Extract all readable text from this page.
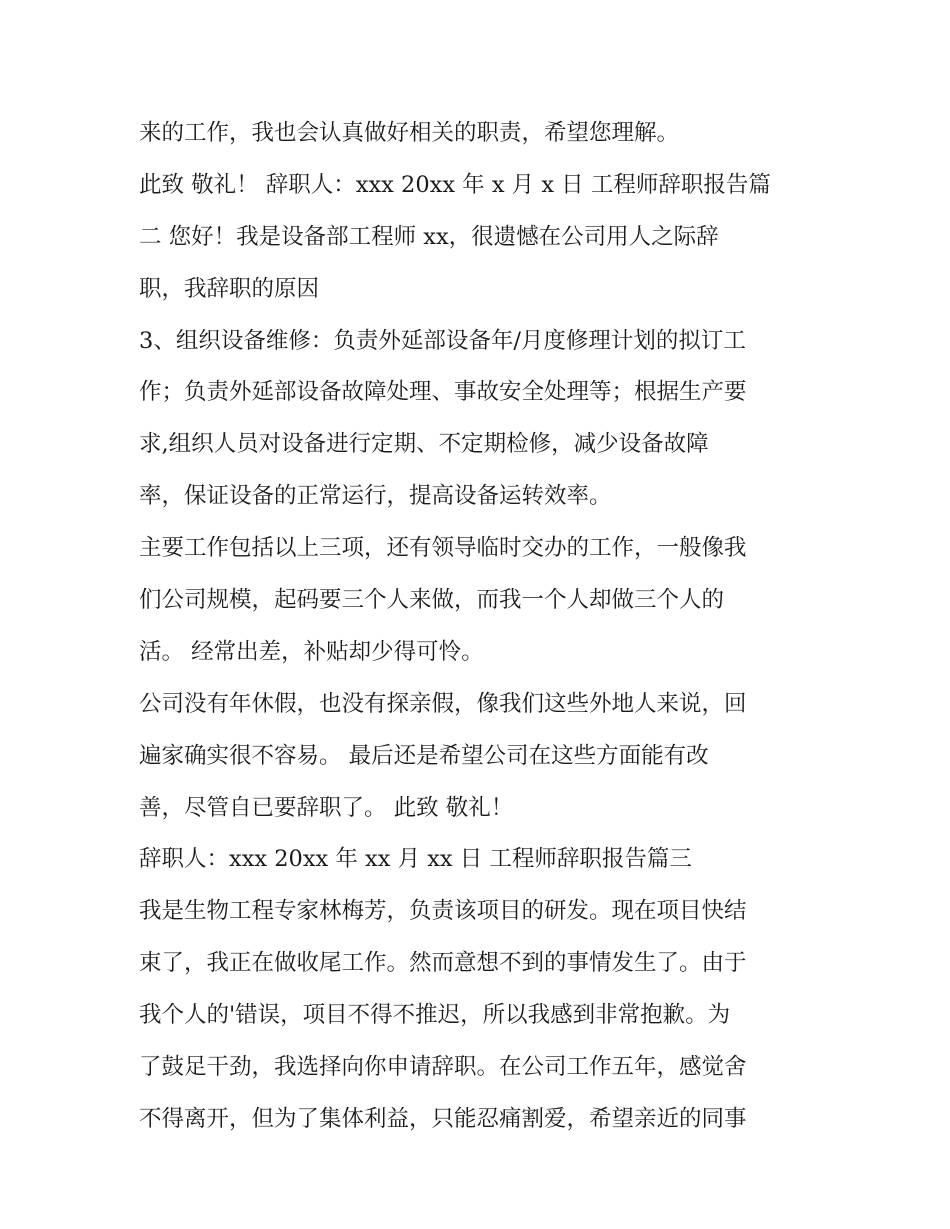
来的工作，我也会认真做好相关的职责，希望您理解。
此致 敬礼！ 辞职人：xxx 20xx 年 x 月 x 日 工程师辞职报告篇
二 您好！我是设备部工程师 xx，很遗憾在公司用人之际辞
职，我辞职的原因
3、组织设备维修：负责外延部设备年/月度修理计划的拟订工
作；负责外延部设备故障处理、事故安全处理等；根据生产要
求,组织人员对设备进行定期、不定期检修，减少设备故障
率，保证设备的正常运行，提高设备运转效率。
主要工作包括以上三项，还有领导临时交办的工作，一般像我
们公司规模，起码要三个人来做，而我一个人却做三个人的
活。 经常出差，补贴却少得可怜。
公司没有年休假，也没有探亲假，像我们这些外地人来说，回
遍家确实很不容易。 最后还是希望公司在这些方面能有改
善，尽管自已要辞职了。 此致 敬礼！
辞职人：xxx 20xx 年 xx 月 xx 日 工程师辞职报告篇三
我是生物工程专家林梅芳，负责该项目的研发。现在项目快结
束了，我正在做收尾工作。然而意想不到的事情发生了。由于
我个人的'错误，项目不得不推迟，所以我感到非常抱歉。为
了鼓足干劲，我选择向你申请辞职。在公司工作五年，感觉舍
不得离开，但为了集体利益，只能忍痛割爱，希望亲近的同事
